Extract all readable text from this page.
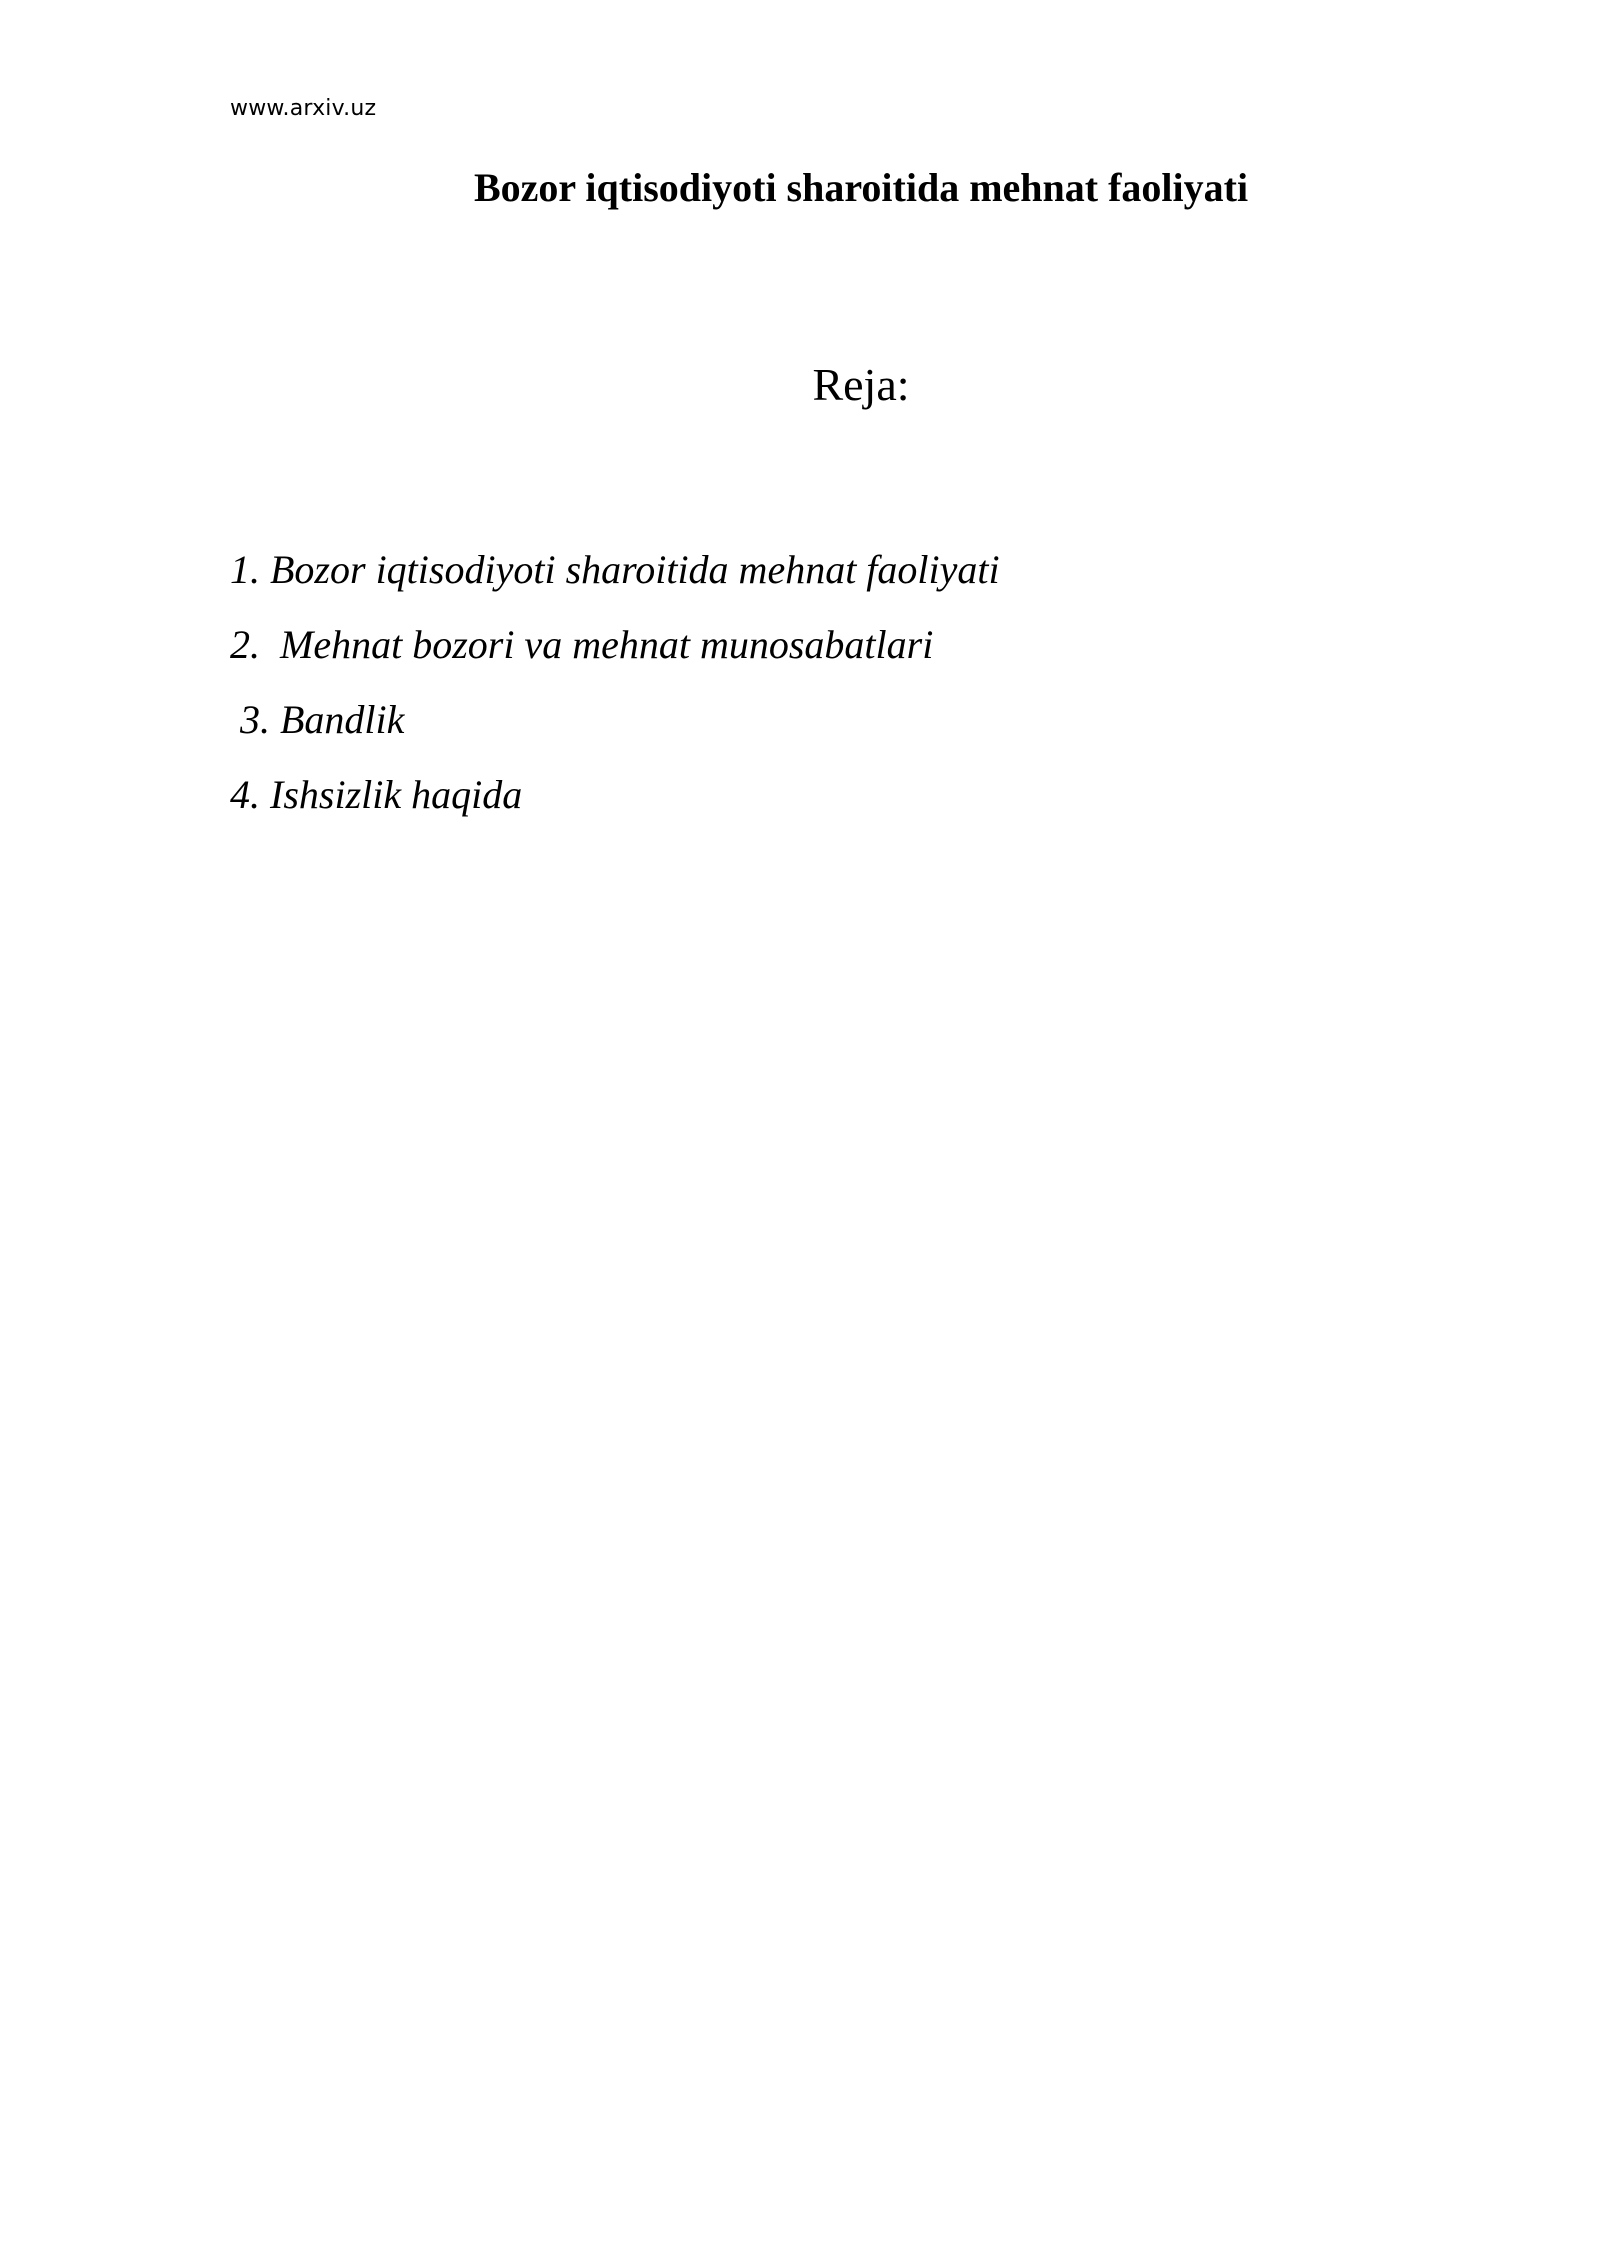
www.arxiv.uz
Bozor iqtisodiyoti sharoitida mehnat faoliyati
Reja:
1. Bozor iqtisodiyoti sharoitida mehnat faoliyati
2.  Mehnat bozori va mehnat munosabatlari
3. Bandlik
4. Ishsizlik haqida
